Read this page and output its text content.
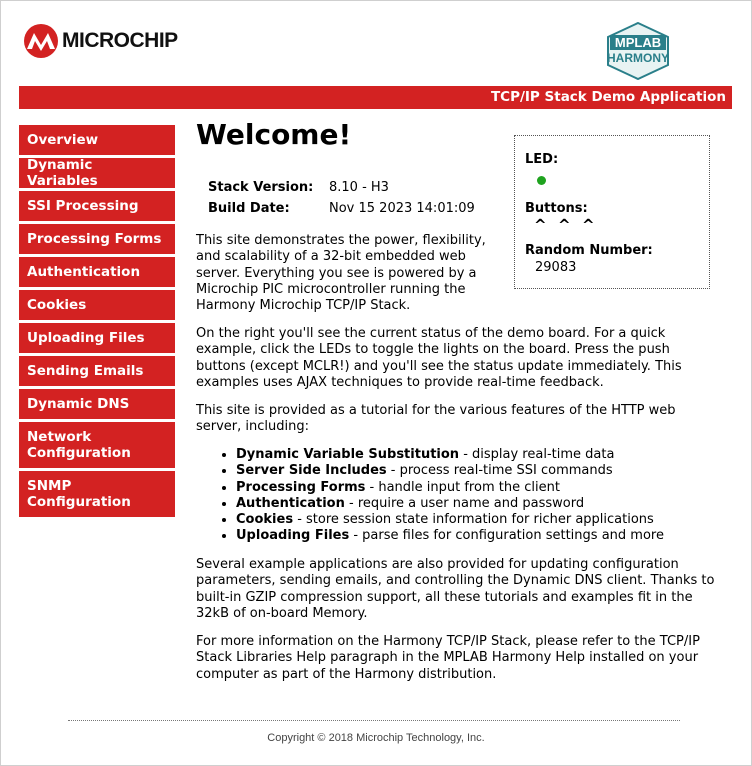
MICROCHIP	MPLAB
HARMONY
TCP/IP Stack Demo Application
Overview
Dynamic Variables
SSI Processing
Processing Forms
Authentication
Cookies
Uploading Files
Sending Emails
Dynamic DNS
Network Configuration
SNMP Configuration
Welcome!
Stack Version: 8.10 - H3
Build Date:	Nov 15 2023 14:01:09

This site demonstrates the power, flexibility, and scalability of a 32-bit embedded web server. Everything you see is powered by a Microchip PIC microcontroller running the Harmony Microchip TCP/IP Stack.

On the right you'll see the current status of the demo board. For a quick example, click the LEDs to toggle the lights on the board. Press the push buttons (except MCLR!) and you'll see the status update immediately. This examples uses AJAX techniques to provide real-time feedback.

This site is provided as a tutorial for the various features of the HTTP web server, including:

• Dynamic Variable Substitution - display real-time data
• Server Side Includes - process real-time SSI commands
• Processing Forms - handle input from the client
• Authentication - require a user name and password
• Cookies - store session state information for richer applications
• Uploading Files - parse files for configuration settings and more

Several example applications are also provided for updating configuration parameters, sending emails, and controlling the Dynamic DNS client. Thanks to built-in GZIP compression support, all these tutorials and examples fit in the 32kB of on-board Memory.

For more information on the Harmony TCP/IP Stack, please refer to the TCP/IP Stack Libraries Help paragraph in the MPLAB Harmony Help installed on your computer as part of the Harmony distribution.

LED:
Buttons:
^ ^ ^
Random Number:
29083
Copyright © 2018 Microchip Technology, Inc.
